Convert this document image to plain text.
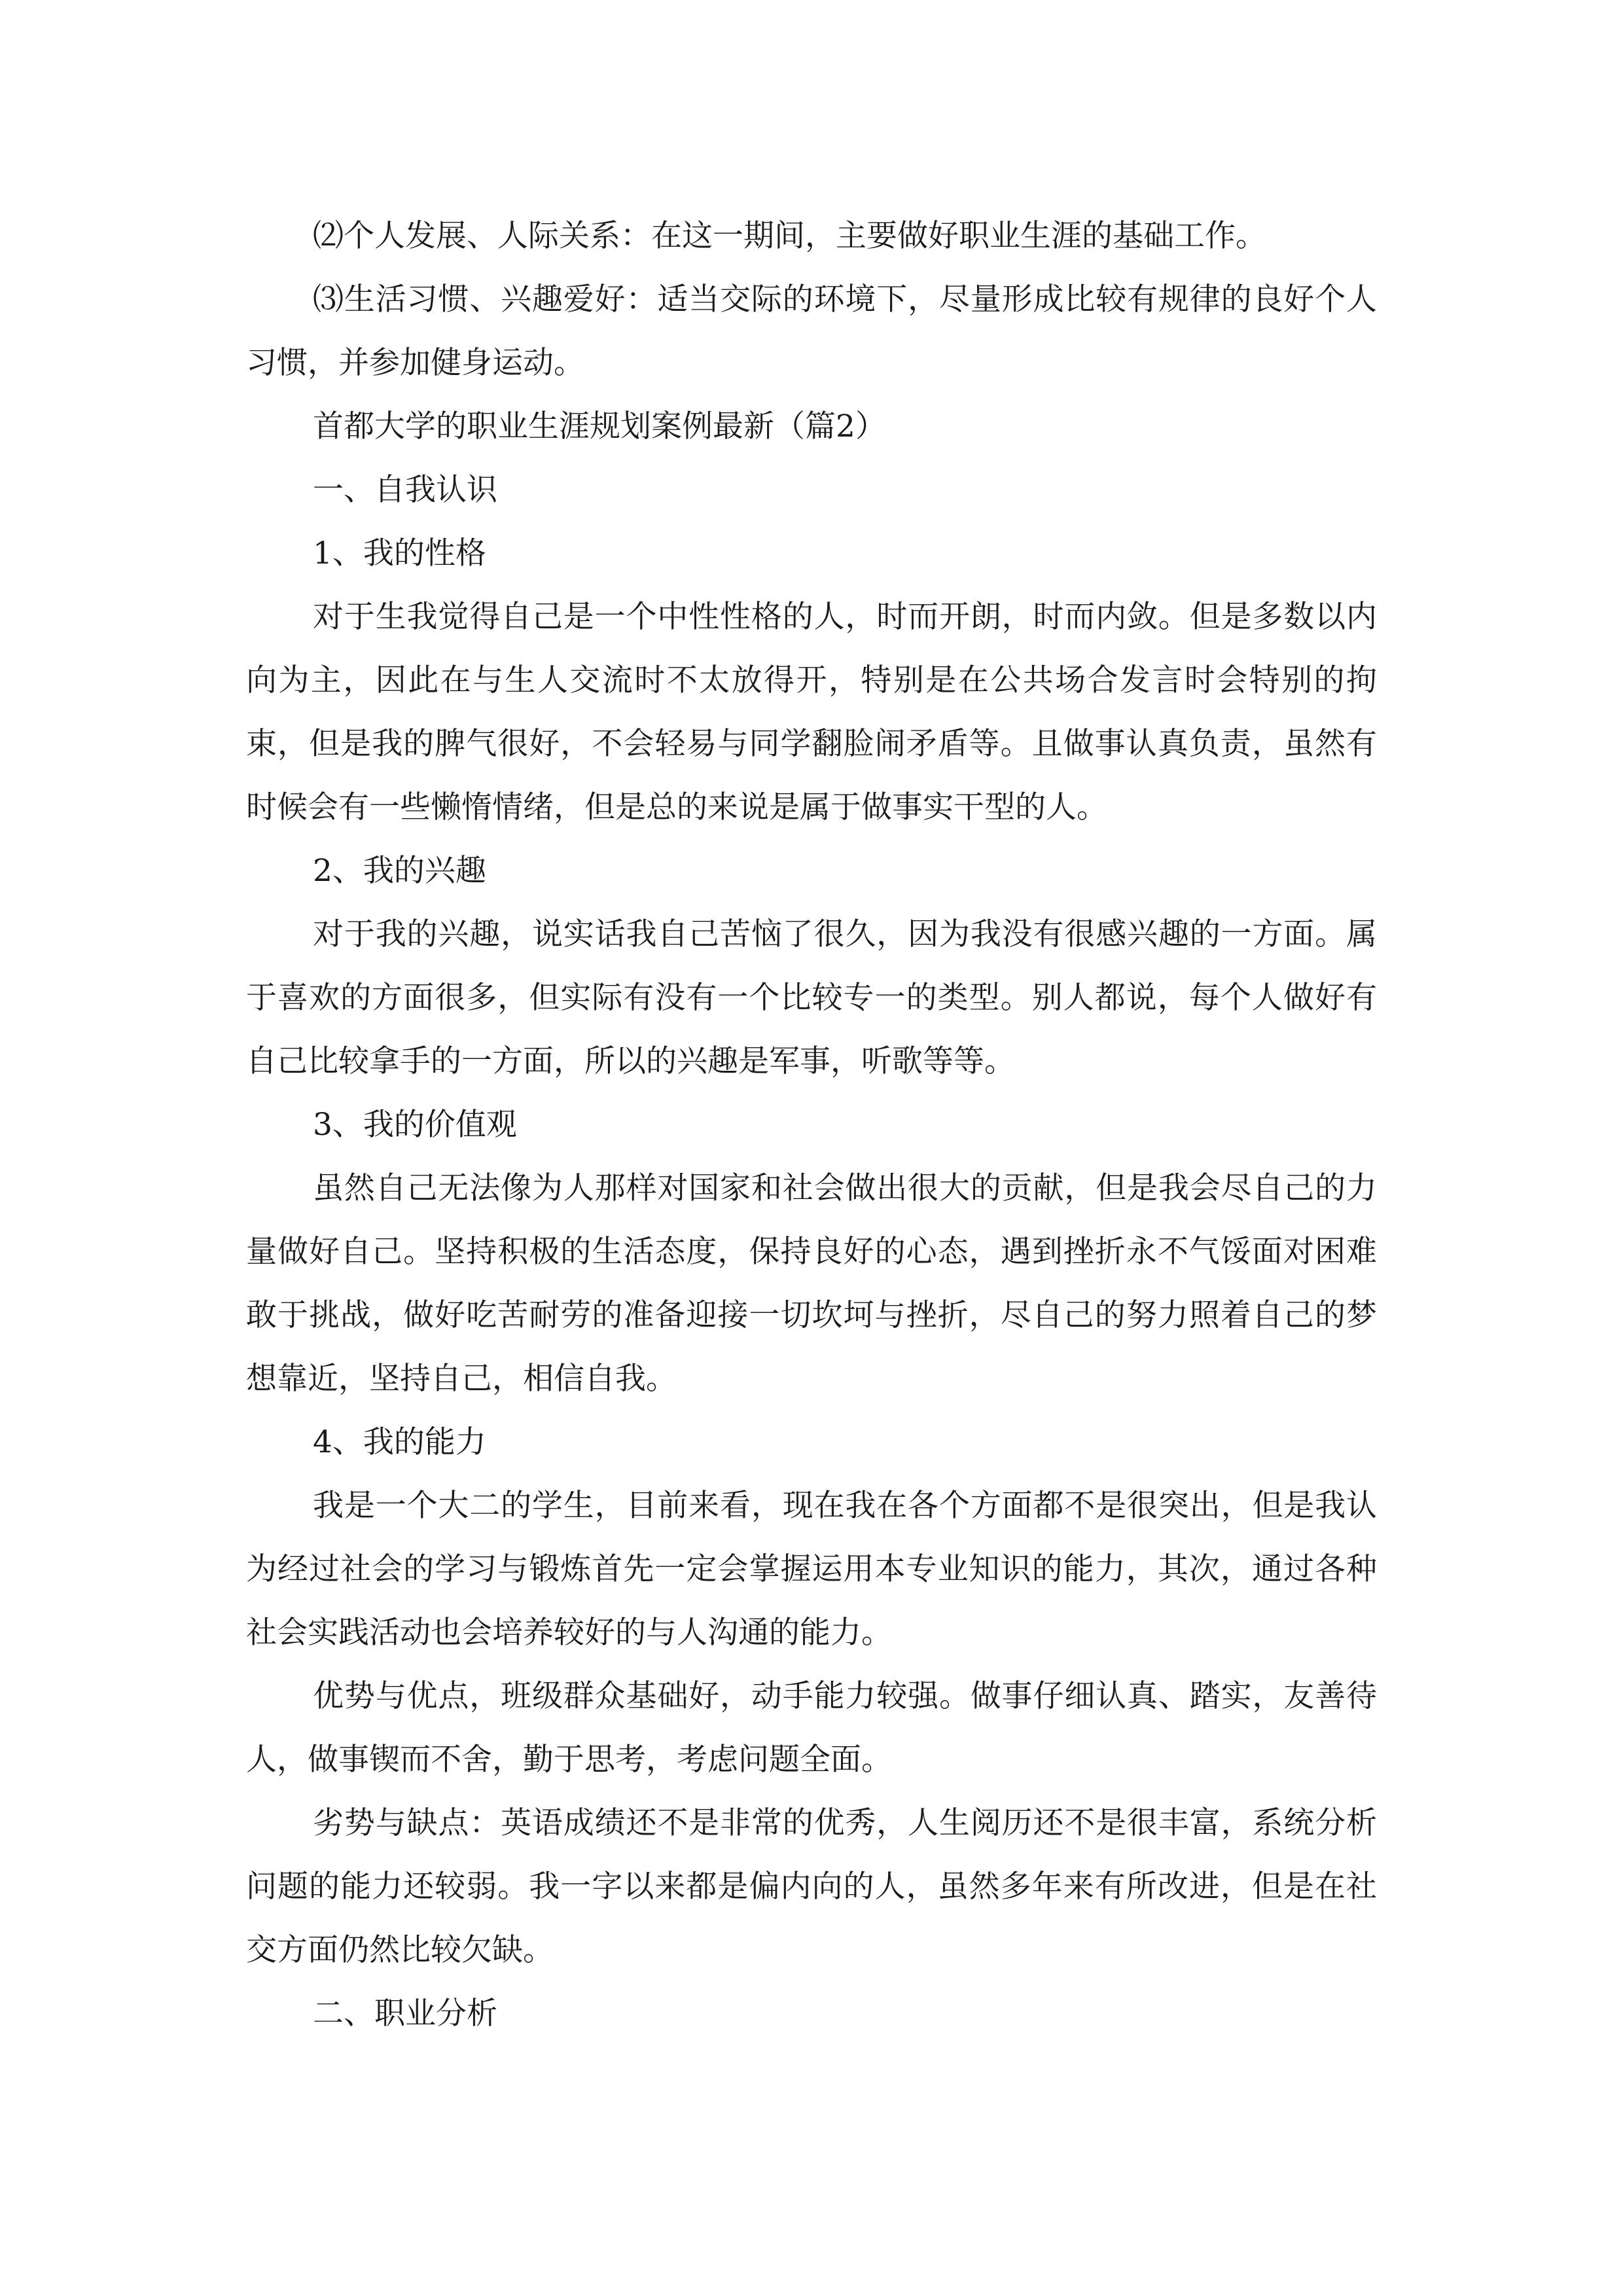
⑵个人发展、人际关系：在这一期间，主要做好职业生涯的基础工作。

⑶生活习惯、兴趣爱好：适当交际的环境下，尽量形成比较有规律的良好个人习惯，并参加健身运动。

首都大学的职业生涯规划案例最新（篇2）

一、自我认识

1、我的性格

对于生我觉得自己是一个中性性格的人，时而开朗，时而内敛。但是多数以内向为主，因此在与生人交流时不太放得开，特别是在公共场合发言时会特别的拘束，但是我的脾气很好，不会轻易与同学翻脸闹矛盾等。且做事认真负责，虽然有时候会有一些懒惰情绪，但是总的来说是属于做事实干型的人。

2、我的兴趣

对于我的兴趣，说实话我自己苦恼了很久，因为我没有很感兴趣的一方面。属于喜欢的方面很多，但实际有没有一个比较专一的类型。别人都说，每个人做好有自己比较拿手的一方面，所以的兴趣是军事，听歌等等。

3、我的价值观

虽然自己无法像为人那样对国家和社会做出很大的贡献，但是我会尽自己的力量做好自己。坚持积极的生活态度，保持良好的心态，遇到挫折永不气馁面对困难敢于挑战，做好吃苦耐劳的准备迎接一切坎坷与挫折，尽自己的努力照着自己的梦想靠近，坚持自己，相信自我。

4、我的能力

我是一个大二的学生，目前来看，现在我在各个方面都不是很突出，但是我认为经过社会的学习与锻炼首先一定会掌握运用本专业知识的能力，其次，通过各种社会实践活动也会培养较好的与人沟通的能力。

优势与优点，班级群众基础好，动手能力较强。做事仔细认真、踏实，友善待人，做事锲而不舍，勤于思考，考虑问题全面。

劣势与缺点：英语成绩还不是非常的优秀，人生阅历还不是很丰富，系统分析问题的能力还较弱。我一字以来都是偏内向的人，虽然多年来有所改进，但是在社交方面仍然比较欠缺。

二、职业分析
